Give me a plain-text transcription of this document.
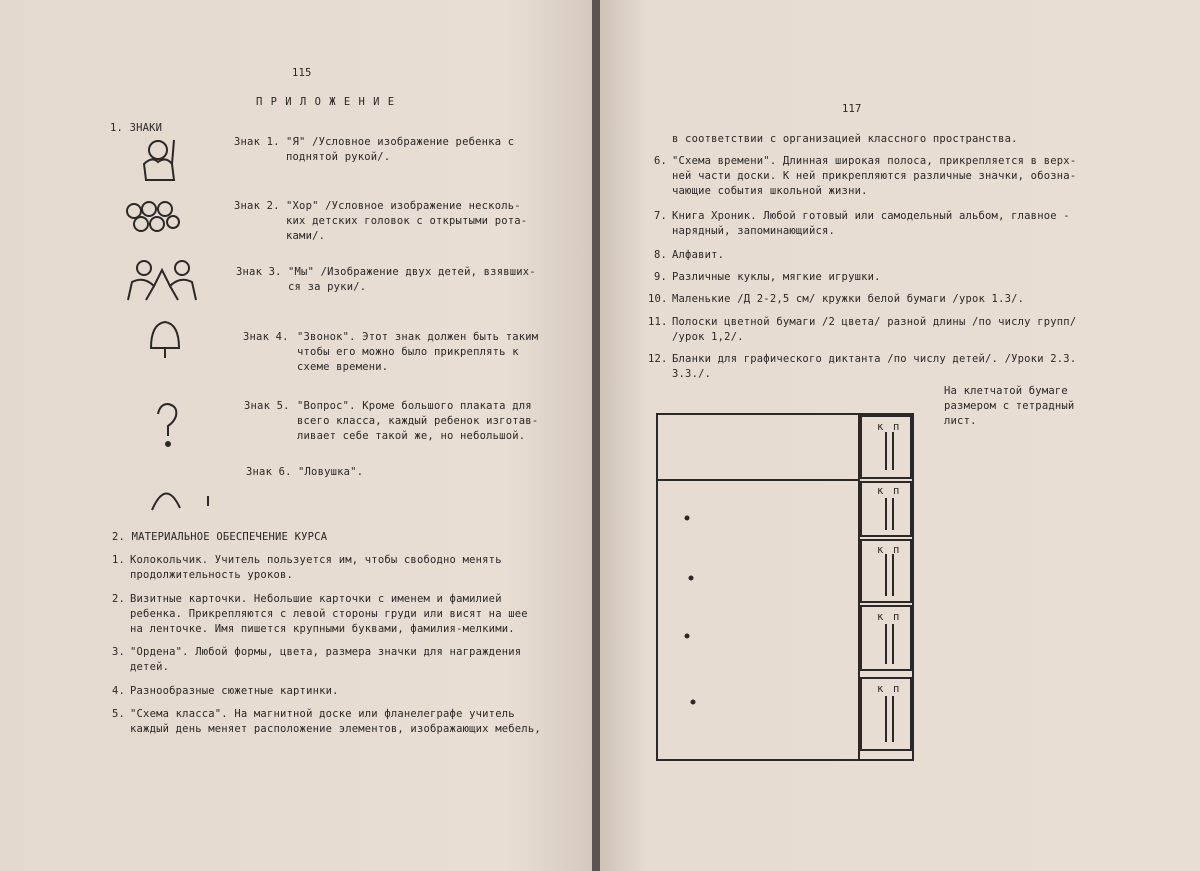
115
П Р И Л О Ж Е Н И Е
1. ЗНАКИ
Знак 1. "Я" /Условное изображение ребенка с
поднятой рукой/.
Знак 2. "Хор" /Условное изображение несколь-
ких детских головок с открытыми рота-
ками/.
Знак 3. "Мы" /Изображение двух детей, взявших-
ся за руки/.
Знак 4. "Звонок". Этот знак должен быть таким
чтобы его можно было прикреплять к
схеме времени.
Знак 5. "Вопрос". Кроме большого плаката для
всего класса, каждый ребенок изготав-
ливает себе такой же, но небольшой.
Знак 6. "Ловушка".
2. МАТЕРИАЛЬНОЕ ОБЕСПЕЧЕНИЕ КУРСА
1. Колокольчик. Учитель пользуется им, чтобы свободно менять
продолжительность уроков.
2. Визитные карточки. Небольшие карточки с именем и фамилией
ребенка. Прикрепляются с левой стороны груди или висят на шее
на ленточке. Имя пишется крупными буквами, фамилия-мелкими.
3. "Ордена". Любой формы, цвета, размера значки для награждения
детей.
4. Разнообразные сюжетные картинки.
5. "Схема класса". На магнитной доске или фланелеграфе учитель
каждый день меняет расположение элементов, изображающих мебель,
117
в соответствии с организацией классного пространства.
6. "Схема времени". Длинная широкая полоса, прикрепляется в верх-
ней части доски. К ней прикрепляются различные значки, обозна-
чающие события школьной жизни.
7. Книга Хроник. Любой готовый или самодельный альбом, главное -
нарядный, запоминающийся.
8. Алфавит.
9. Различные куклы, мягкие игрушки.
10. Маленькие /Д 2-2,5 см/ кружки белой бумаги /урок 1.3/.
11. Полоски цветной бумаги /2 цвета/ разной длины /по числу групп/
/урок 1,2/.
12. Бланки для графического диктанта /по числу детей/. /Уроки 2.3.
3.3./.
На клетчатой бумаге
размером с тетрадный
лист.
к п
к п
к п
к п
к п
